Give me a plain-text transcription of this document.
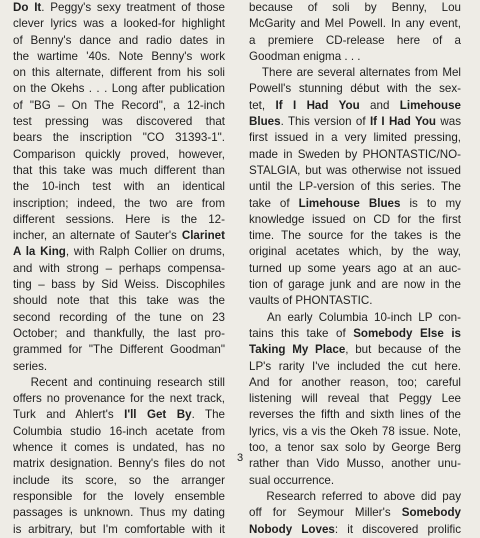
Do It. Peggy's sexy treatment of those
clever lyrics was a looked-for highlight
of Benny's dance and radio dates in
the wartime '40s. Note Benny's work
on this alternate, different from his soli
on the Okehs . . . Long after publication
of "BG – On The Record", a 12-inch
test pressing was discovered that
bears the inscription "CO 31393-1".
Comparison quickly proved, however,
that this take was much different than
the 10-inch test with an identical
inscription; indeed, the two are from
different sessions. Here is the 12-
incher, an alternate of Sauter's Clarinet
A la King, with Ralph Collier on drums,
and with strong – perhaps compensa-
ting – bass by Sid Weiss. Discophiles
should note that this take was the
second recording of the tune on 23
October; and thankfully, the last pro-
grammed for "The Different Goodman"
series.
Recent and continuing research still
offers no provenance for the next track,
Turk and Ahlert's I'll Get By. The
Columbia studio 16-inch acetate from
whence it comes is undated, has no
matrix designation. Benny's files do not
include its score, so the arranger
responsible for the lovely ensemble
passages is unknown. Thus my dating
is arbitrary, but I'm comfortable with it
because of soli by Benny, Lou
McGarity and Mel Powell. In any event,
a premiere CD-release here of a
Goodman enigma . . .
There are several alternates from Mel
Powell's stunning début with the sex-
tet, If I Had You and Limehouse
Blues. This version of If I Had You was
first issued in a very limited pressing,
made in Sweden by PHONTASTIC/NO-
STALGIA, but was otherwise not issued
until the LP-version of this series. The
take of Limehouse Blues is to my
knowledge issued on CD for the first
time. The source for the takes is the
original acetates which, by the way,
turned up some years ago at an auc-
tion of garage junk and are now in the
vaults of PHONTASTIC.
An early Columbia 10-inch LP con-
tains this take of Somebody Else is
Taking My Place, but because of the
LP's rarity I've included the cut here.
And for another reason, too; careful
listening will reveal that Peggy Lee
reverses the fifth and sixth lines of the
lyrics, vis a vis the Okeh 78 issue. Note,
too, a tenor sax solo by George Berg
rather than Vido Musso, another unu-
sual occurrence.
Research referred to above did pay
off for Seymour Miller's Somebody
Nobody Loves: it discovered prolific
3
